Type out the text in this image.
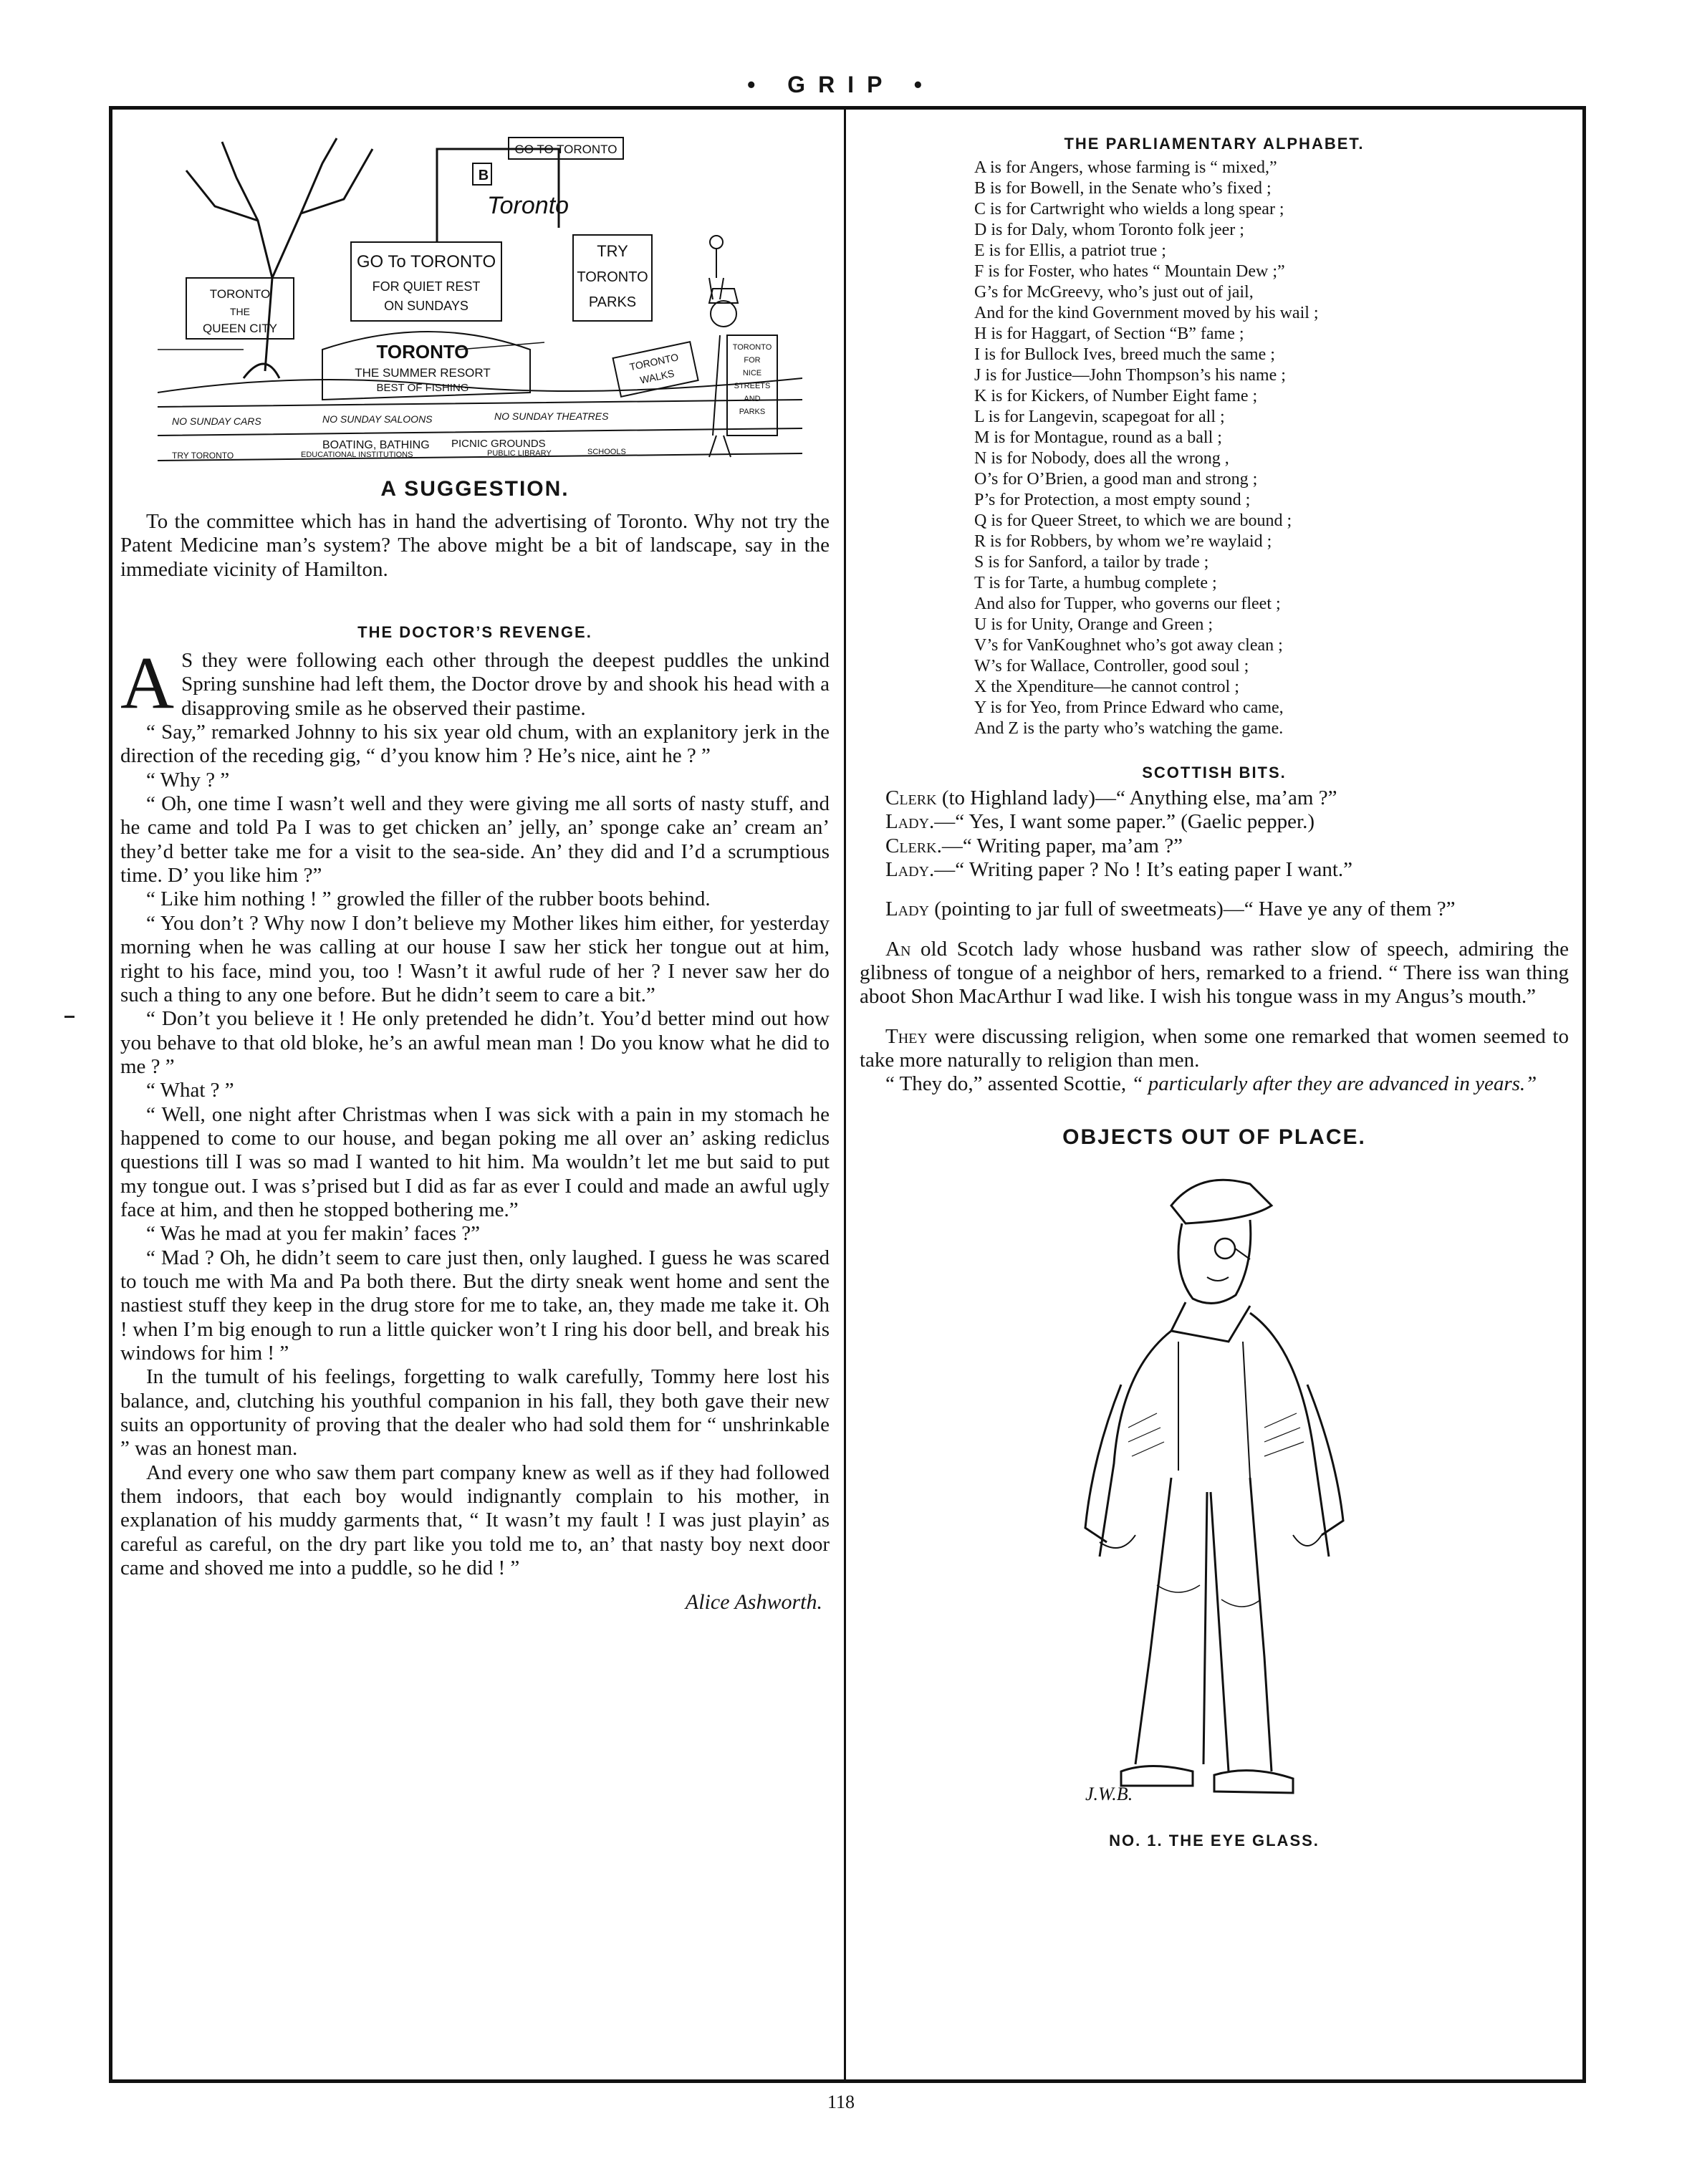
• GRIP •
B
GO TO TORONTO
Toronto
GO To TORONTO
FOR QUIET REST
ON SUNDAYS
TRY
TORONTO
PARKS
TORONTO
THE
QUEEN CITY
TORONTO
THE SUMMER RESORT
BEST OF FISHING
TORONTO
WALKS
TORONTO
FOR
NICE
STREETS
AND
PARKS
NO SUNDAY CARS	NO SUNDAY SALOONS	NO SUNDAY THEATRES
BOATING, BATHING PICNIC GROUNDS
TRY TORONTO	EDUCATIONAL INSTITUTIONS	PUBLIC LIBRARY	SCHOOLS
A SUGGESTION.

To the committee which has in hand the advertising of Toronto. Why not try the Patent Medicine man’s system? The above might be a bit of landscape, say in the immediate vicinity of Hamilton.

THE DOCTOR’S REVENGE.

A S they were following each other through the deepest puddles the unkind Spring sunshine had left them, the Doctor drove by and shook his head with a disapproving smile as he observed their pastime.

“ Say,” remarked Johnny to his six year old chum, with an explanitory jerk in the direction of the receding gig, “ d’you know him ? He’s nice, aint he ? ”

“ Why ? ”

“ Oh, one time I wasn’t well and they were giving me all sorts of nasty stuff, and he came and told Pa I was to get chicken an’ jelly, an’ sponge cake an’ cream an’ they’d better take me for a visit to the sea-side. An’ they did and I’d a scrumptious time. D’ you like him ?”

“ Like him nothing ! ” growled the filler of the rubber boots behind.

“ You don’t ? Why now I don’t believe my Mother likes him either, for yesterday morning when he was calling at our house I saw her stick her tongue out at him, right to his face, mind you, too ! Wasn’t it awful rude of her ? I never saw her do such a thing to any one before. But he didn’t seem to care a bit.”

“ Don’t you believe it ! He only pretended he didn’t. You’d better mind out how you behave to that old bloke, he’s an awful mean man ! Do you know what he did to me ? ”

“ What ? ”

“ Well, one night after Christmas when I was sick with a pain in my stomach he happened to come to our house, and began poking me all over an’ asking rediclus questions till I was so mad I wanted to hit him. Ma wouldn’t let me but said to put my tongue out. I was s’prised but I did as far as ever I could and made an awful ugly face at him, and then he stopped bothering me.”

“ Was he mad at you fer makin’ faces ?”

“ Mad ? Oh, he didn’t seem to care just then, only laughed. I guess he was scared to touch me with Ma and Pa both there. But the dirty sneak went home and sent the nastiest stuff they keep in the drug store for me to take, an, they made me take it. Oh ! when I’m big enough to run a little quicker won’t I ring his door bell, and break his windows for him ! ”

In the tumult of his feelings, forgetting to walk carefully, Tommy here lost his balance, and, clutching his youthful companion in his fall, they both gave their new suits an opportunity of proving that the dealer who had sold them for “ unshrinkable ” was an honest man.

And every one who saw them part company knew as well as if they had followed them indoors, that each boy would indignantly complain to his mother, in explanation of his muddy garments that, “ It wasn’t my fault ! I was just playin’ as careful as careful, on the dry part like you told me to, an’ that nasty boy next door came and shoved me into a puddle, so he did ! ”

Alice Ashworth.
THE PARLIAMENTARY ALPHABET.
A is for Angers, whose farming is “ mixed,”
B is for Bowell, in the Senate who’s fixed ;
C is for Cartwright who wields a long spear ;
D is for Daly, whom Toronto folk jeer ;
E is for Ellis, a patriot true ;
F is for Foster, who hates “ Mountain Dew ;”
G’s for McGreevy, who’s just out of jail,
And for the kind Government moved by his wail ;
H is for Haggart, of Section “B” fame ;
I is for Bullock Ives, breed much the same ;
J is for Justice—John Thompson’s his name ;
K is for Kickers, of Number Eight fame ;
L is for Langevin, scapegoat for all ;
M is for Montague, round as a ball ;
N is for Nobody, does all the wrong ,
O’s for O’Brien, a good man and strong ;
P’s for Protection, a most empty sound ;
Q is for Queer Street, to which we are bound ;
R is for Robbers, by whom we’re waylaid ;
S is for Sanford, a tailor by trade ;
T is for Tarte, a humbug complete ;
And also for Tupper, who governs our fleet ;
U is for Unity, Orange and Green ;
V’s for VanKoughnet who’s got away clean ;
W’s for Wallace, Controller, good soul ;
X the Xpenditure—he cannot control ;
Y is for Yeo, from Prince Edward who came,
And Z is the party who’s watching the game.
SCOTTISH BITS.

Clerk (to Highland lady)—“ Anything else, ma’am ?”

Lady.—“ Yes, I want some paper.” (Gaelic pepper.)

Clerk.—“ Writing paper, ma’am ?”

Lady.—“ Writing paper ? No ! It’s eating paper I want.”

Lady (pointing to jar full of sweetmeats)—“ Have ye any of them ?”

An old Scotch lady whose husband was rather slow of speech, admiring the glibness of tongue of a neighbor of hers, remarked to a friend. “ There iss wan thing aboot Shon MacArthur I wad like. I wish his tongue wass in my Angus’s mouth.”

They were discussing religion, when some one remarked that women seemed to take more naturally to religion than men.

“ They do,” assented Scottie, “ particularly after they are advanced in years.”

OBJECTS OUT OF PLACE.
J.W.B.
NO. 1. THE EYE GLASS.
118
